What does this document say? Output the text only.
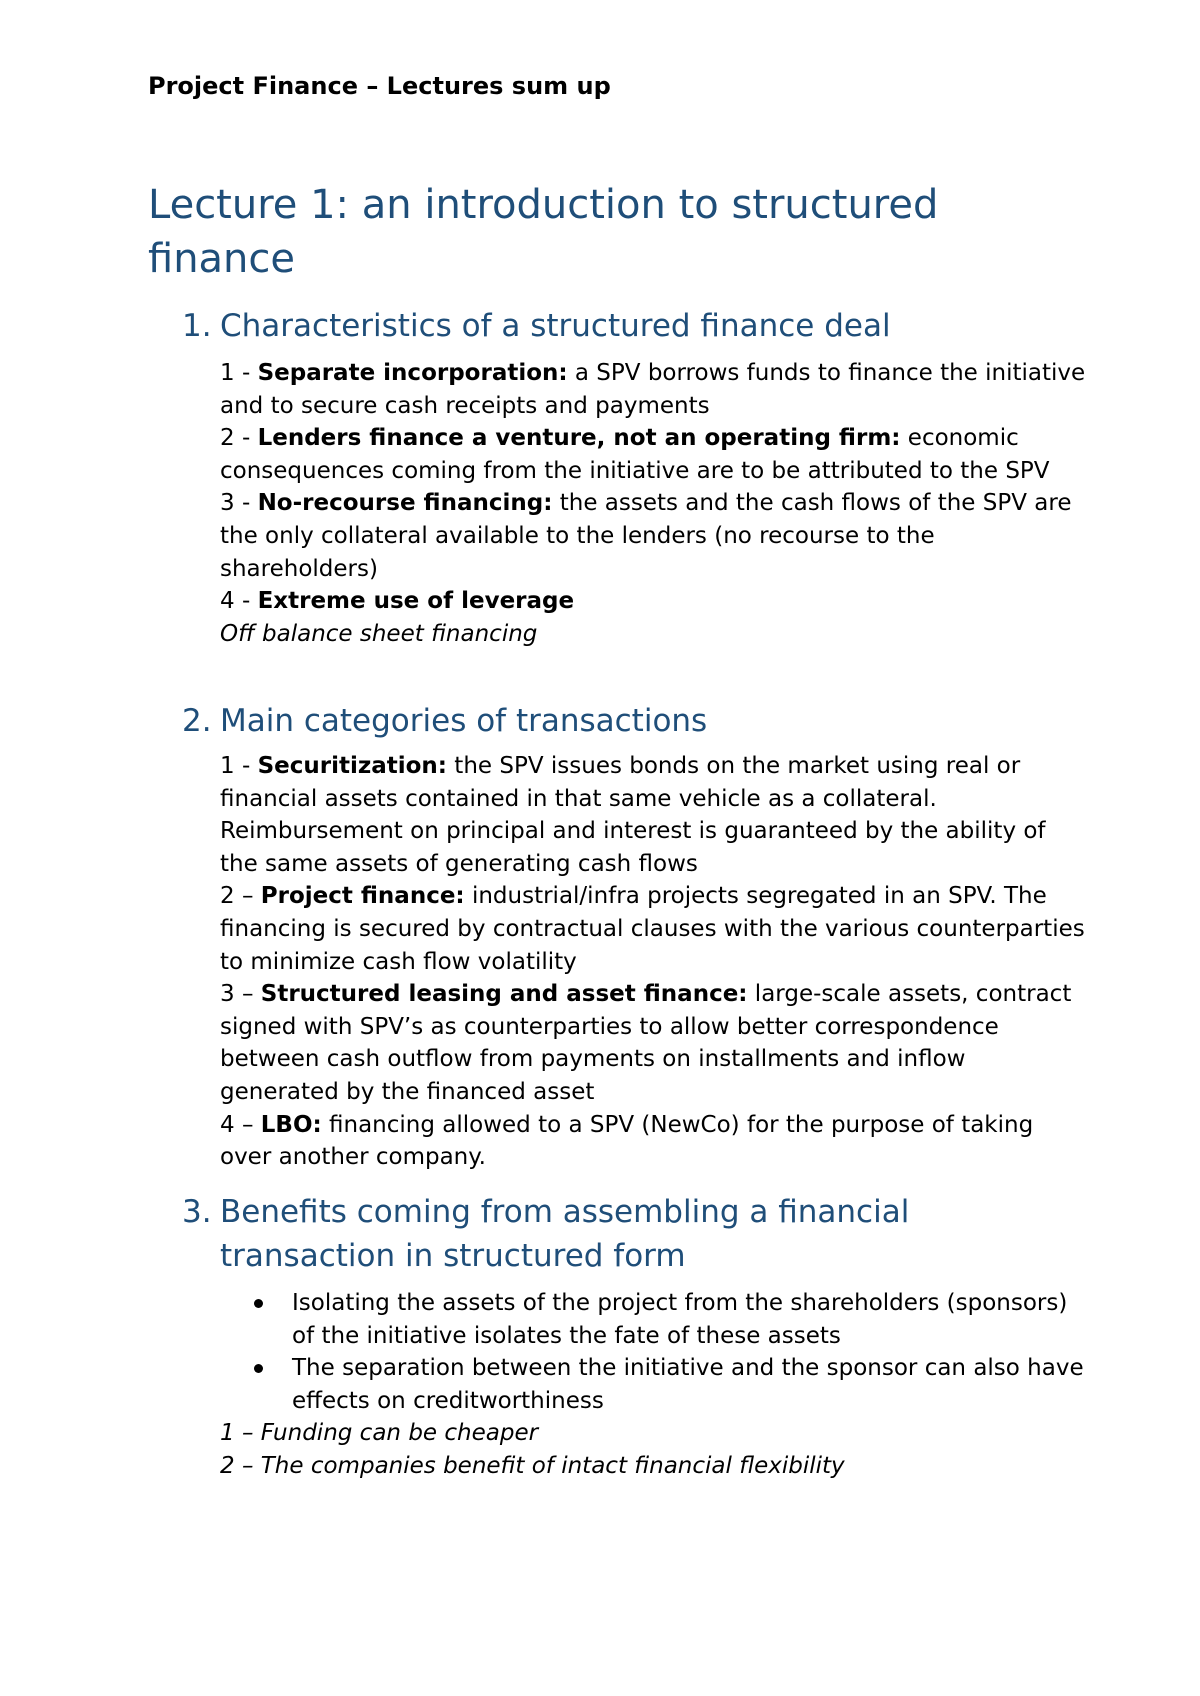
Project Finance – Lectures sum up
Lecture 1: an introduction to structured finance
1. Characteristics of a structured finance deal
1 - Separate incorporation: a SPV borrows funds to finance the initiative and to secure cash receipts and payments
2 - Lenders finance a venture, not an operating firm: economic consequences coming from the initiative are to be attributed to the SPV
3 - No-recourse financing: the assets and the cash flows of the SPV are the only collateral available to the lenders (no recourse to the shareholders)
4 - Extreme use of leverage
Off balance sheet financing
2. Main categories of transactions
1 - Securitization: the SPV issues bonds on the market using real or financial assets contained in that same vehicle as a collateral. Reimbursement on principal and interest is guaranteed by the ability of the same assets of generating cash flows
2 – Project finance: industrial/infra projects segregated in an SPV. The financing is secured by contractual clauses with the various counterparties to minimize cash flow volatility
3 – Structured leasing and asset finance: large-scale assets, contract signed with SPV’s as counterparties to allow better correspondence between cash outflow from payments on installments and inflow generated by the financed asset
4 – LBO: financing allowed to a SPV (NewCo) for the purpose of taking over another company.
3. Benefits coming from assembling a financial transaction in structured form
Isolating the assets of the project from the shareholders (sponsors) of the initiative isolates the fate of these assets
The separation between the initiative and the sponsor can also have effects on creditworthiness
1 – Funding can be cheaper
2 – The companies benefit of intact financial flexibility
